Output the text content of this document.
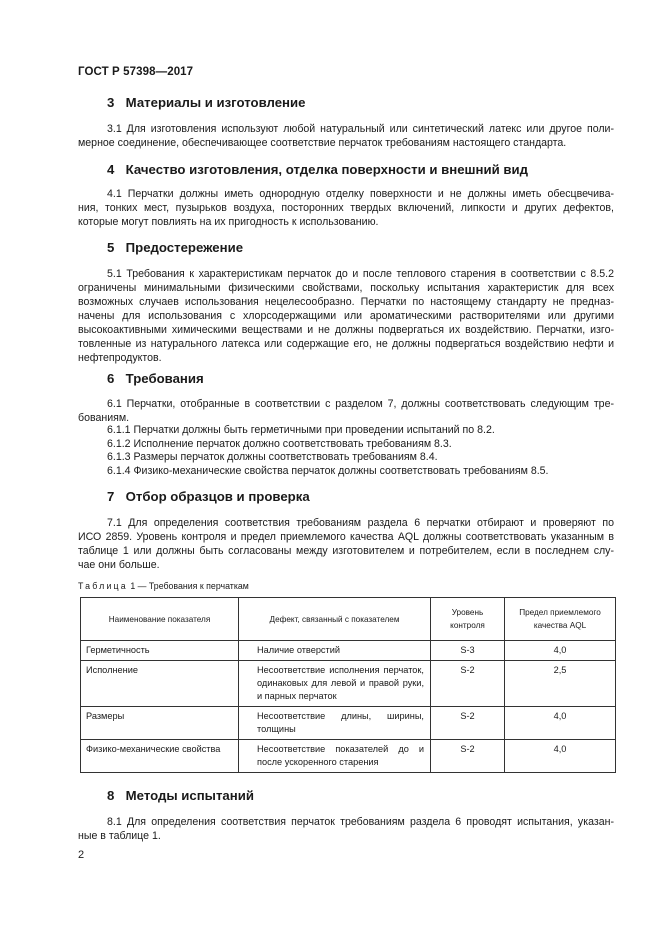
ГОСТ Р 57398—2017
3 Материалы и изготовление
3.1 Для изготовления используют любой натуральный или синтетический латекс или другое поли-
мерное соединение, обеспечивающее соответствие перчаток требованиям настоящего стандарта.
4 Качество изготовления, отделка поверхности и внешний вид
4.1 Перчатки должны иметь однородную отделку поверхности и не должны иметь обесцвечива-
ния, тонких мест, пузырьков воздуха, посторонних твердых включений, липкости и других дефектов,
которые могут повлиять на их пригодность к использованию.
5 Предостережение
5.1 Требования к характеристикам перчаток до и после теплового старения в соответствии с 8.5.2
ограничены минимальными физическими свойствами, поскольку испытания характеристик для всех
возможных случаев использования нецелесообразно. Перчатки по настоящему стандарту не предназ-
начены для использования с хлорсодержащими или ароматическими растворителями или другими
высокоактивными химическими веществами и не должны подвергаться их воздействию. Перчатки, изго-
товленные из натурального латекса или содержащие его, не должны подвергаться воздействию нефти и
нефтепродуктов.
6 Требования
6.1 Перчатки, отобранные в соответствии с разделом 7, должны соответствовать следующим тре-
бованиям.
6.1.1 Перчатки должны быть герметичными при проведении испытаний по 8.2.
6.1.2 Исполнение перчаток должно соответствовать требованиям 8.3.
6.1.3 Размеры перчаток должны соответствовать требованиям 8.4.
6.1.4 Физико-механические свойства перчаток должны соответствовать требованиям 8.5.
7 Отбор образцов и проверка
7.1 Для определения соответствия требованиям раздела 6 перчатки отбирают и проверяют по
ИСО 2859. Уровень контроля и предел приемлемого качества AQL должны соответствовать указанным в
таблице 1 или должны быть согласованы между изготовителем и потребителем, если в последнем слу-
чае они больше.
Таблица 1 — Требования к перчаткам
Наименование показателя	Дефект, связанный с показателем	Уровень контроля	Предел приемлемого качества AQL
Герметичность	Наличие отверстий	S-3	4,0
Исполнение	Несоответствие исполнения перчаток, одинаковых для левой и правой руки, и парных перчаток	S-2	2,5
Размеры	Несоответствие длины, ширины, толщины	S-2	4,0
Физико-механические свойства	Несоответствие показателей до и после ускоренного старения	S-2	4,0
8 Методы испытаний
8.1 Для определения соответствия перчаток требованиям раздела 6 проводят испытания, указан-
ные в таблице 1.
2
